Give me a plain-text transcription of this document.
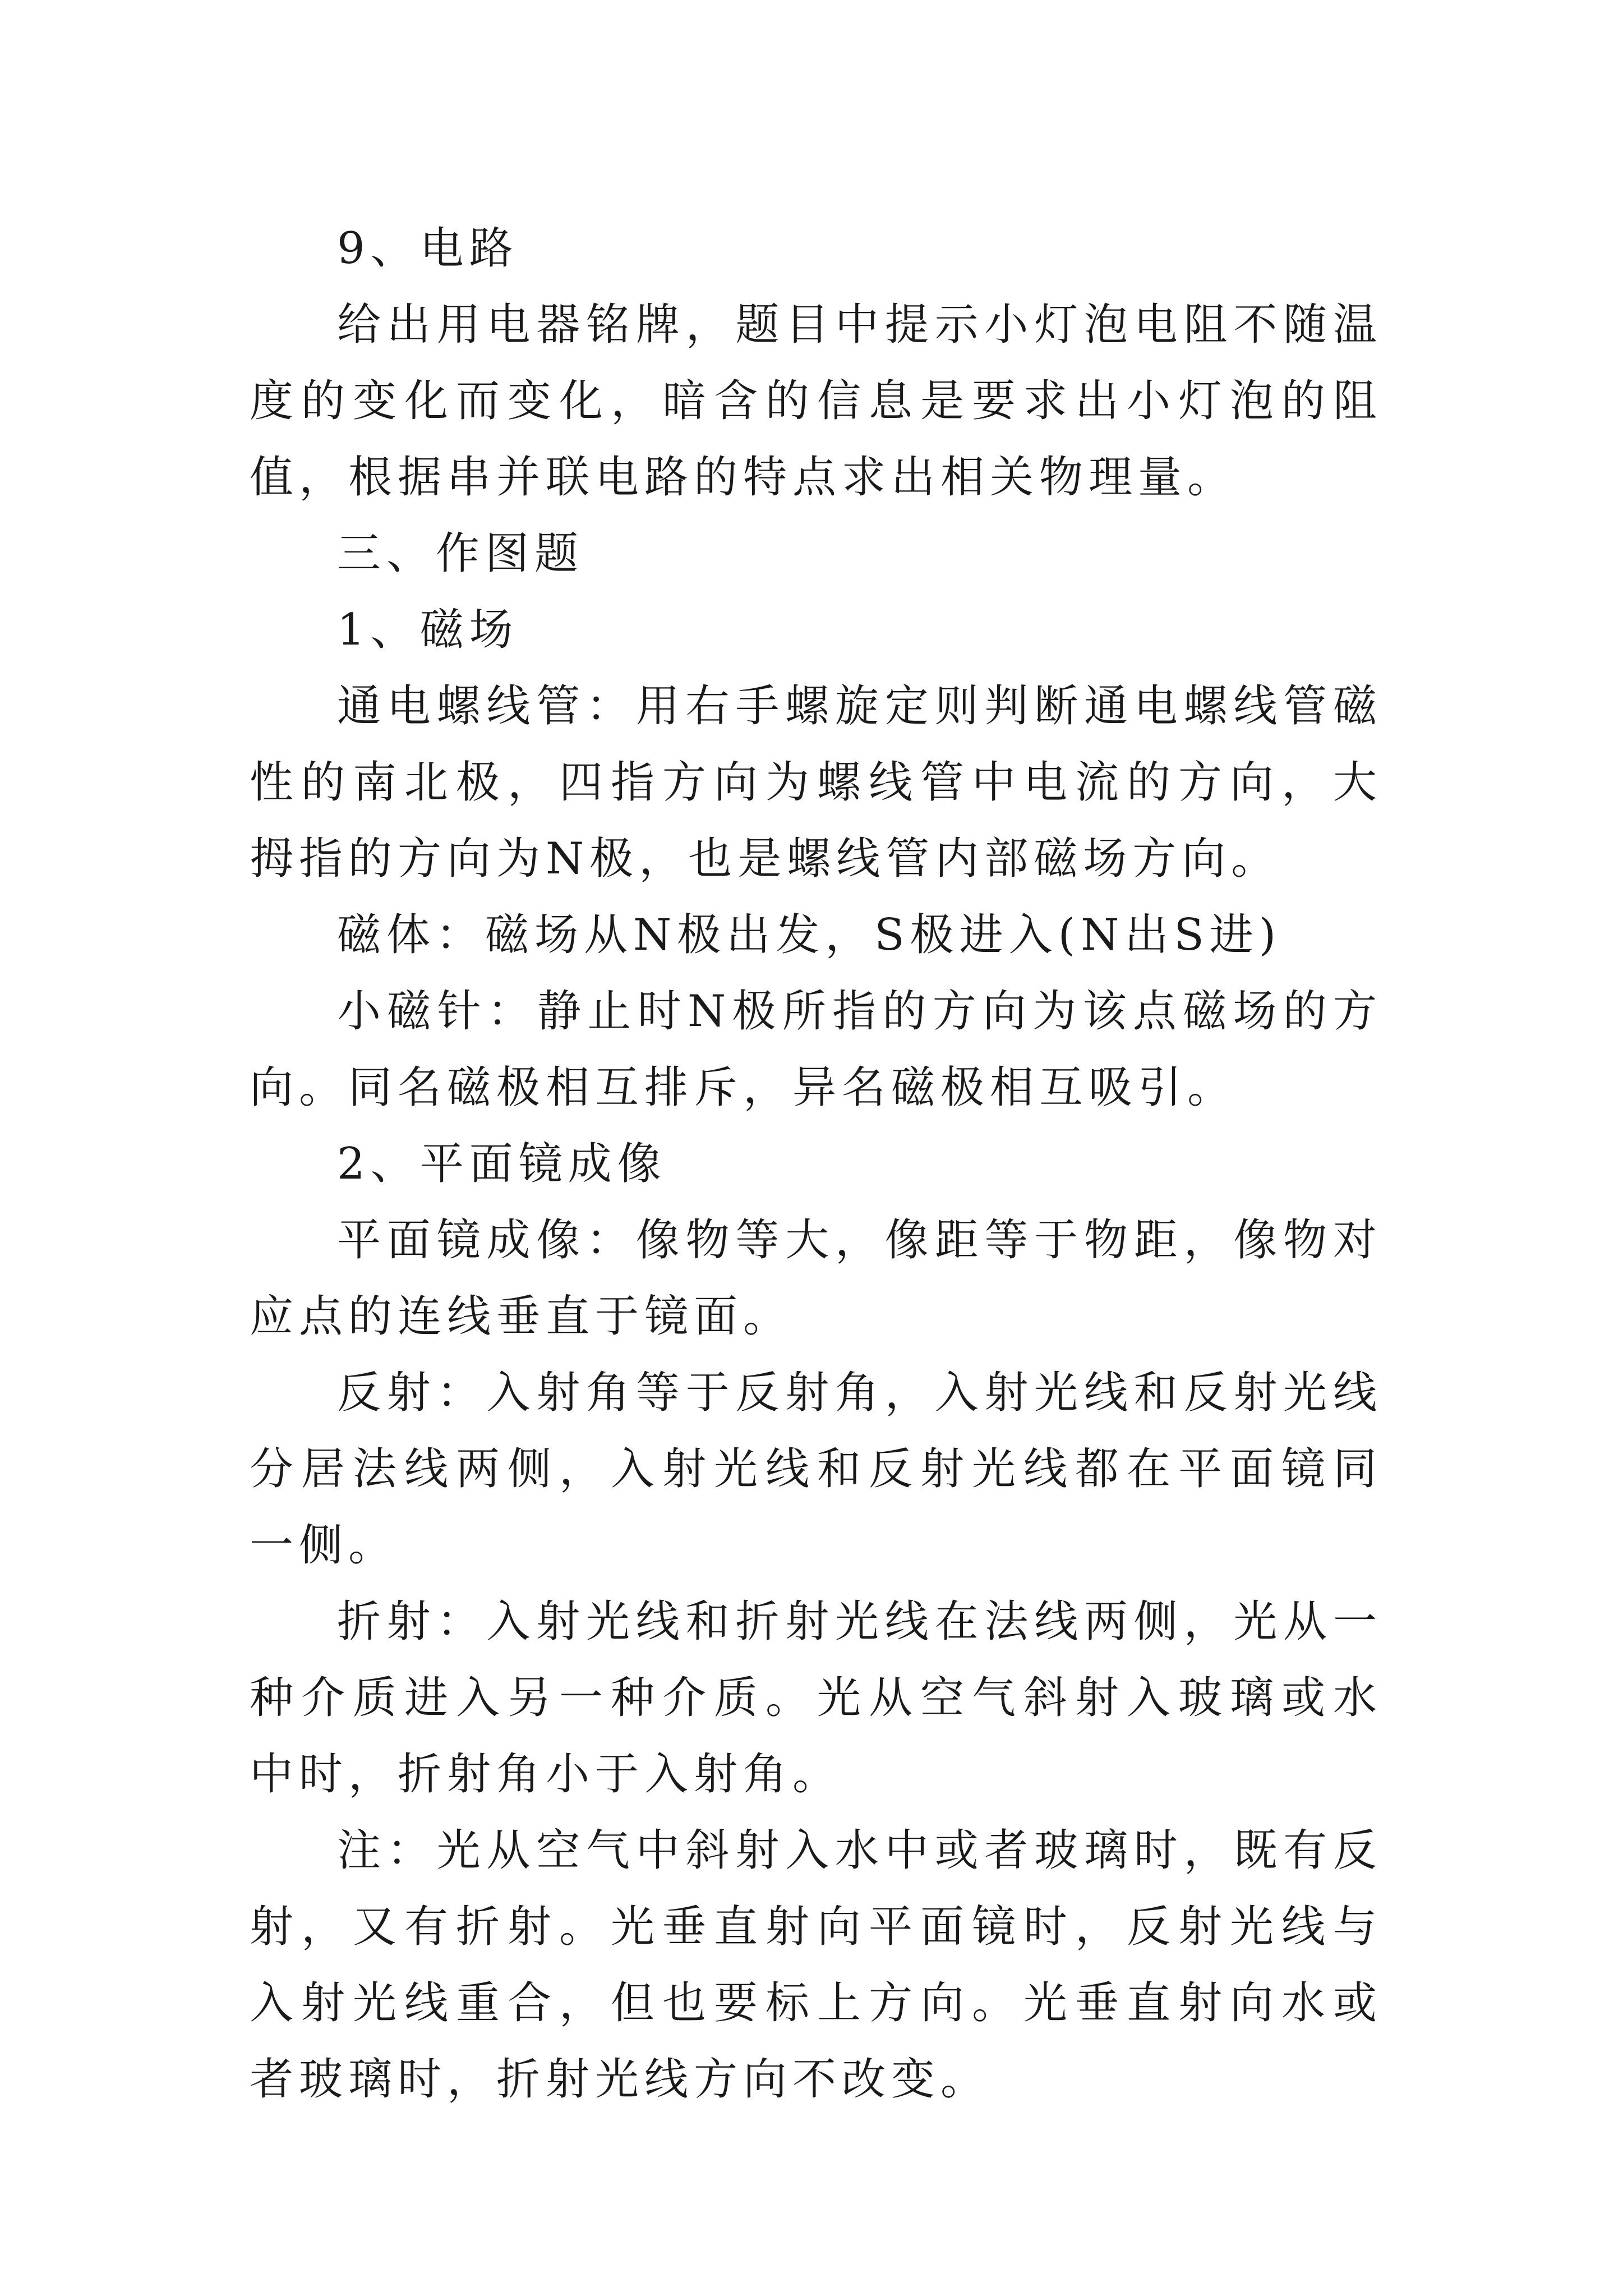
9、电路

给出用电器铭牌，题目中提示小灯泡电阻不随温度的变化而变化，暗含的信息是要求出小灯泡的阻值，根据串并联电路的特点求出相关物理量。

三、作图题

1、磁场

通电螺线管：用右手螺旋定则判断通电螺线管磁性的南北极，四指方向为螺线管中电流的方向，大拇指的方向为N极，也是螺线管内部磁场方向。

磁体：磁场从N极出发，S极进入(N出S进)

小磁针：静止时N极所指的方向为该点磁场的方向。同名磁极相互排斥，异名磁极相互吸引。

2、平面镜成像

平面镜成像：像物等大，像距等于物距，像物对应点的连线垂直于镜面。

反射：入射角等于反射角，入射光线和反射光线分居法线两侧，入射光线和反射光线都在平面镜同一侧。

折射：入射光线和折射光线在法线两侧，光从一种介质进入另一种介质。光从空气斜射入玻璃或水中时，折射角小于入射角。

注：光从空气中斜射入水中或者玻璃时，既有反射，又有折射。光垂直射向平面镜时，反射光线与入射光线重合，但也要标上方向。光垂直射向水或者玻璃时，折射光线方向不改变。
